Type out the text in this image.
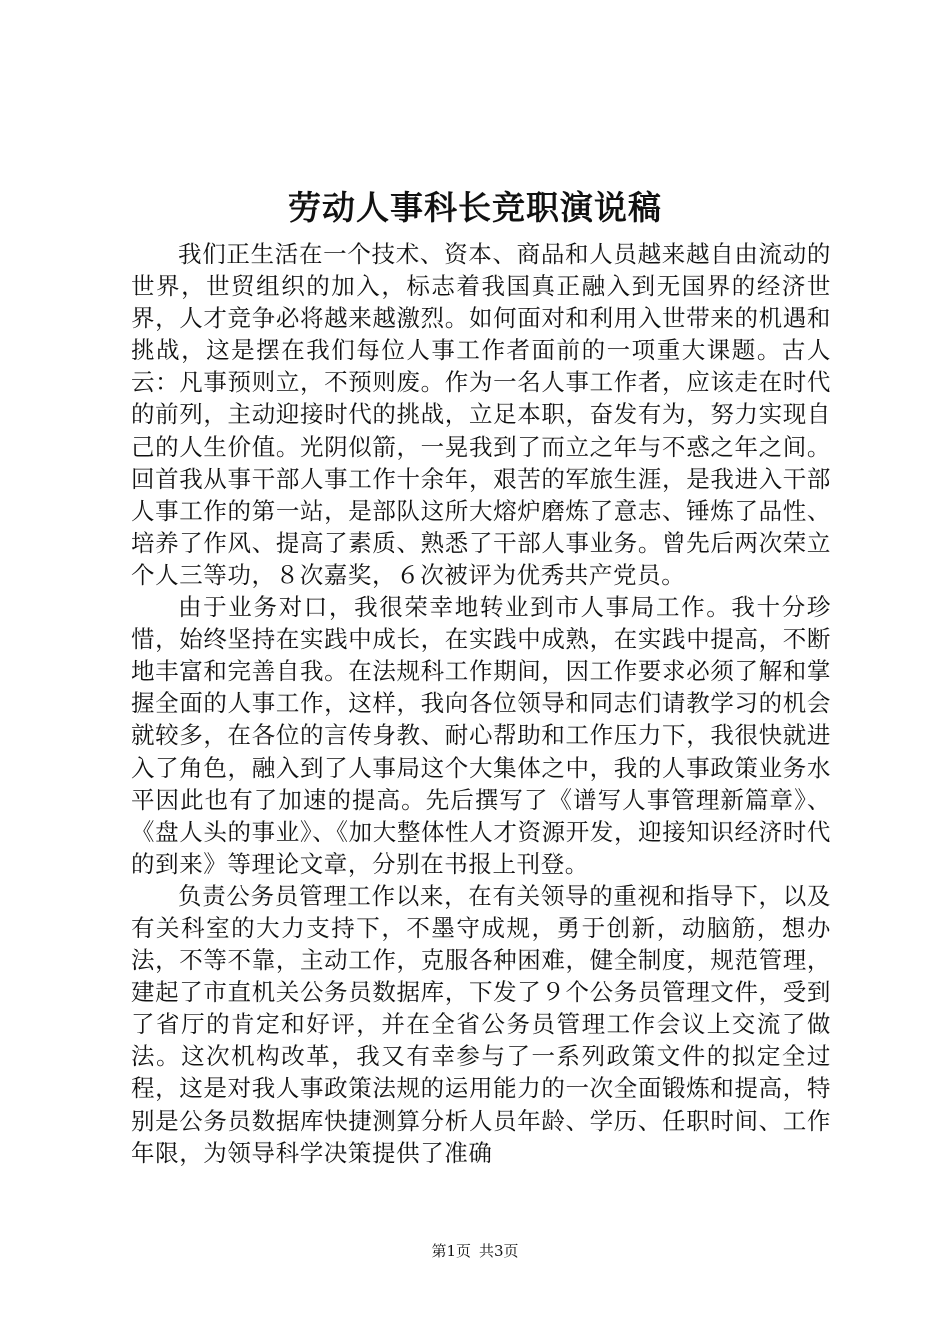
劳动人事科长竞职演说稿

我们正生活在一个技术、资本、商品和人员越来越自由流动的世界，世贸组织的加入，标志着我国真正融入到无国界的经济世界，人才竞争必将越来越激烈。如何面对和利用入世带来的机遇和挑战，这是摆在我们每位人事工作者面前的一项重大课题。古人云：凡事预则立，不预则废。作为一名人事工作者，应该走在时代的前列，主动迎接时代的挑战，立足本职，奋发有为，努力实现自己的人生价值。光阴似箭，一晃我到了而立之年与不惑之年之间。回首我从事干部人事工作十余年，艰苦的军旅生涯，是我进入干部人事工作的第一站，是部队这所大熔炉磨炼了意志、锤炼了品性、培养了作风、提高了素质、熟悉了干部人事业务。曾先后两次荣立个人三等功，８次嘉奖，６次被评为优秀共产党员。

由于业务对口，我很荣幸地转业到市人事局工作。我十分珍惜，始终坚持在实践中成长，在实践中成熟，在实践中提高，不断地丰富和完善自我。在法规科工作期间，因工作要求必须了解和掌握全面的人事工作，这样，我向各位领导和同志们请教学习的机会就较多，在各位的言传身教、耐心帮助和工作压力下，我很快就进入了角色，融入到了人事局这个大集体之中，我的人事政策业务水平因此也有了加速的提高。先后撰写了《谱写人事管理新篇章》、《盘人头的事业》、《加大整体性人才资源开发，迎接知识经济时代的到来》等理论文章，分别在书报上刊登。

负责公务员管理工作以来，在有关领导的重视和指导下，以及有关科室的大力支持下，不墨守成规，勇于创新，动脑筋，想办法，不等不靠，主动工作，克服各种困难，健全制度，规范管理，建起了市直机关公务员数据库，下发了９个公务员管理文件，受到了省厅的肯定和好评，并在全省公务员管理工作会议上交流了做法。这次机构改革，我又有幸参与了一系列政策文件的拟定全过程，这是对我人事政策法规的运用能力的一次全面锻炼和提高，特别是公务员数据库快捷测算分析人员年龄、学历、任职时间、工作年限，为领导科学决策提供了准确

第1页 共3页
